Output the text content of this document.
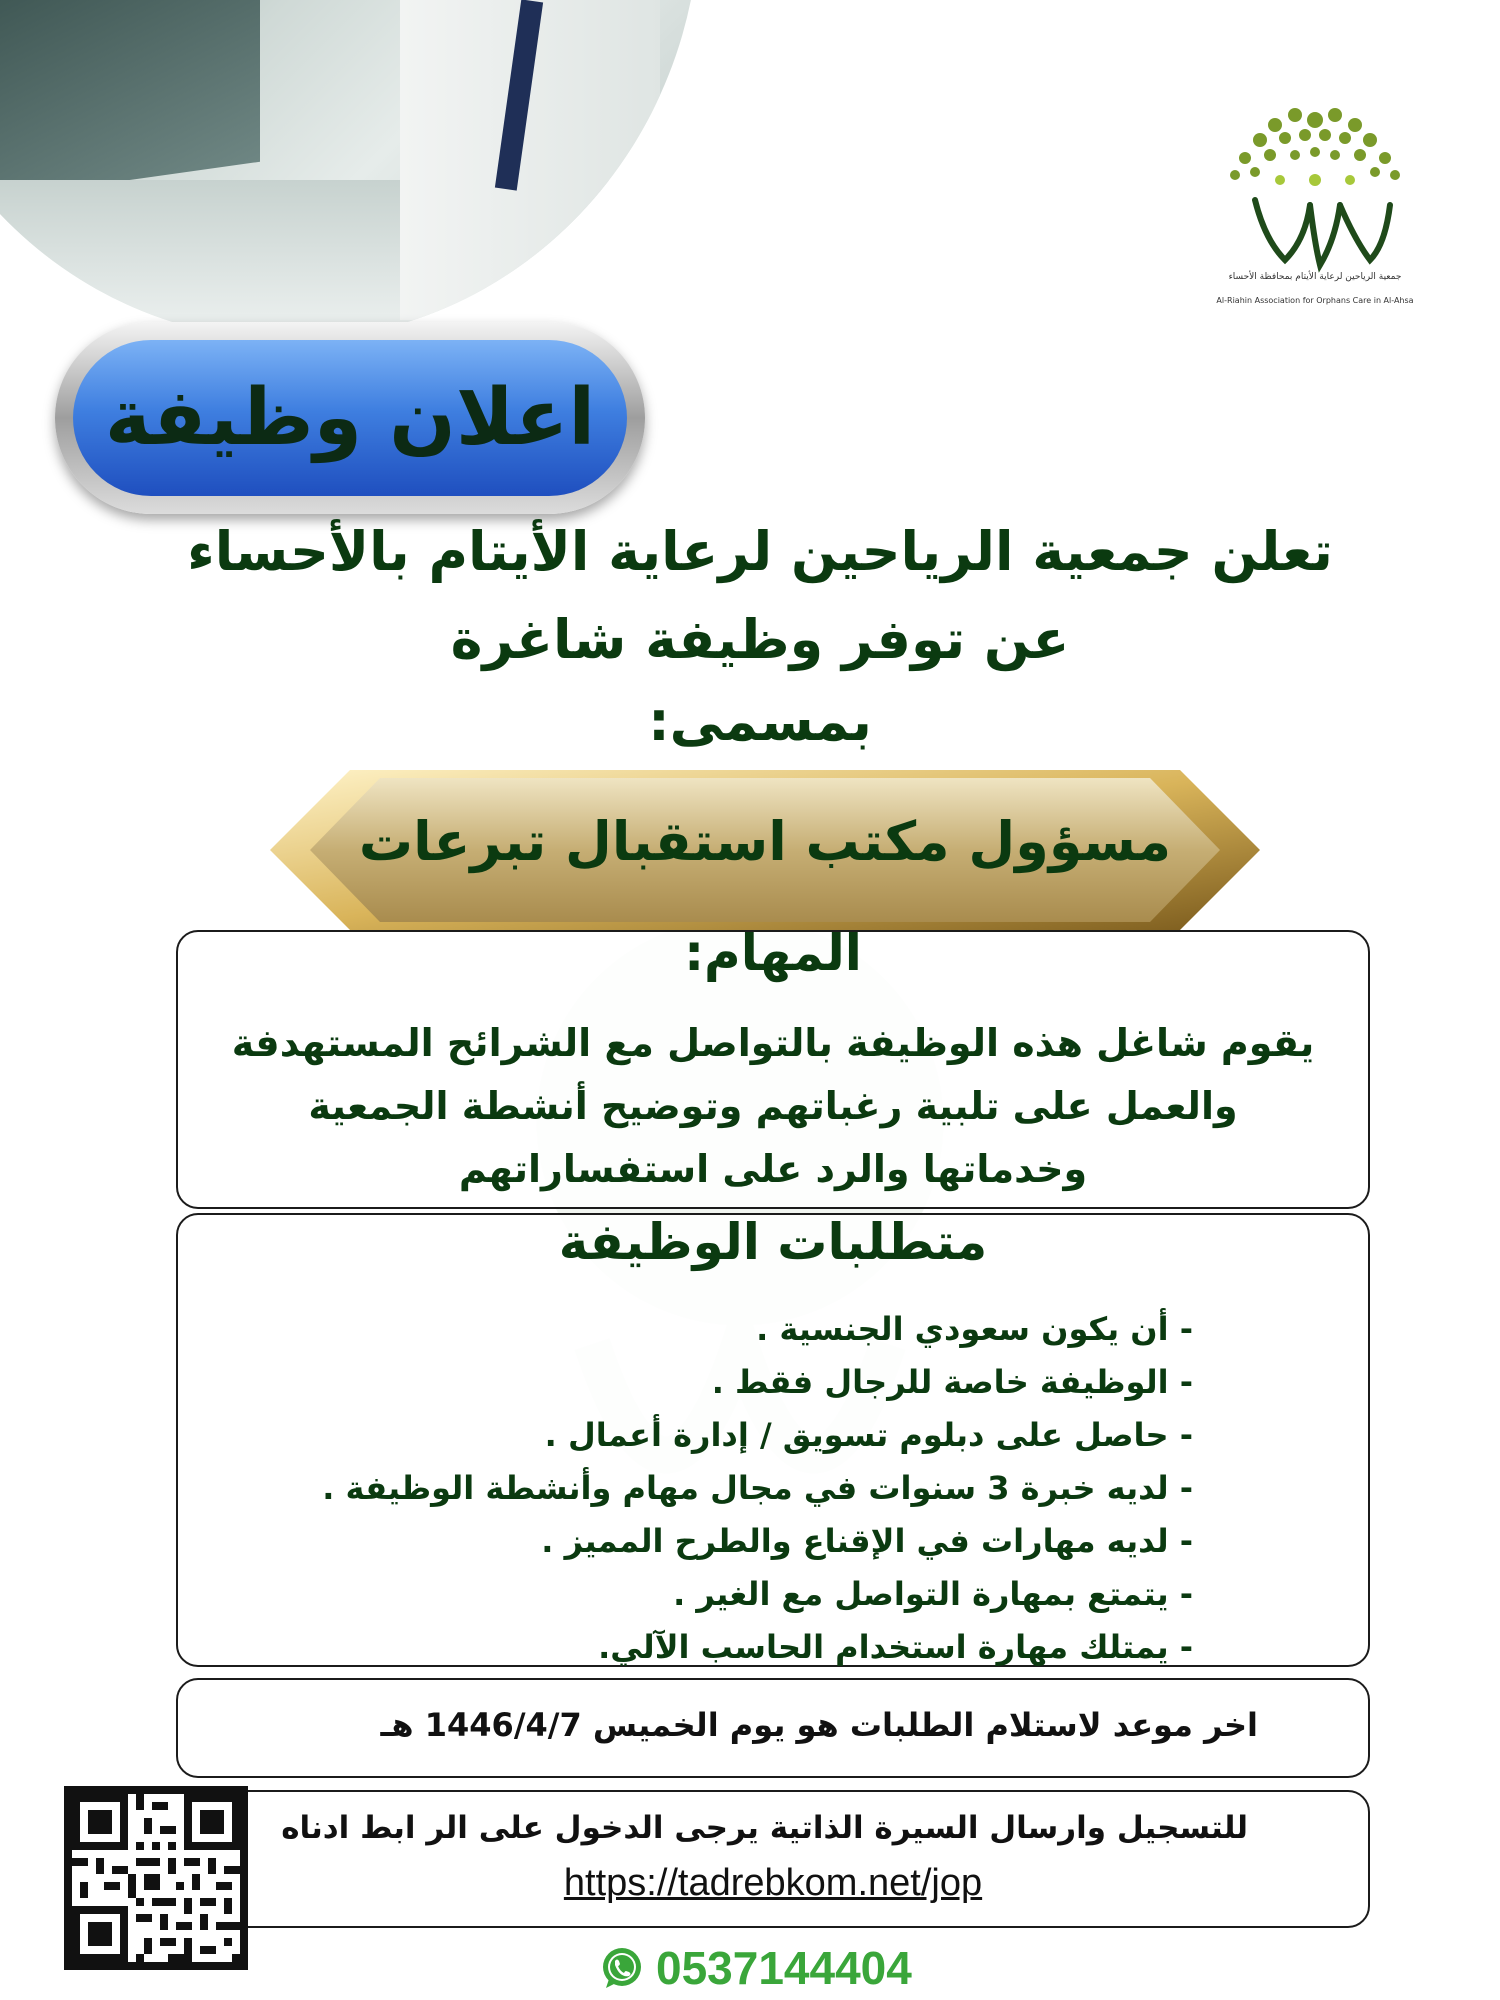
جمعية الرياحين لرعاية الأيتام بمحافظة الأحساء
Al-Riahin Association for Orphans Care in Al-Ahsa
اعلان وظيفة
تعلن جمعية الرياحين لرعاية الأيتام بالأحساء
عن توفر وظيفة شاغرة
بمسمى:
مسؤول مكتب استقبال تبرعات
المهام:
يقوم شاغل هذه الوظيفة بالتواصل مع الشرائح المستهدفة
والعمل على تلبية رغباتهم وتوضيح أنشطة الجمعية
وخدماتها والرد على استفساراتهم
متطلبات الوظيفة
- أن يكون سعودي الجنسية .
- الوظيفة خاصة للرجال فقط .
- حاصل على دبلوم تسويق / إدارة أعمال .
- لديه خبرة 3 سنوات في مجال مهام وأنشطة الوظيفة .
- لديه مهارات في الإقناع والطرح المميز .
- يتمتع بمهارة التواصل مع الغير .
- يمتلك مهارة استخدام الحاسب الآلي.
اخر موعد لاستلام الطلبات هو يوم الخميس 1446/4/7 هـ
للتسجيل وارسال السيرة الذاتية يرجى الدخول على الر ابط ادناه
https://tadrebkom.net/jop
0537144404
